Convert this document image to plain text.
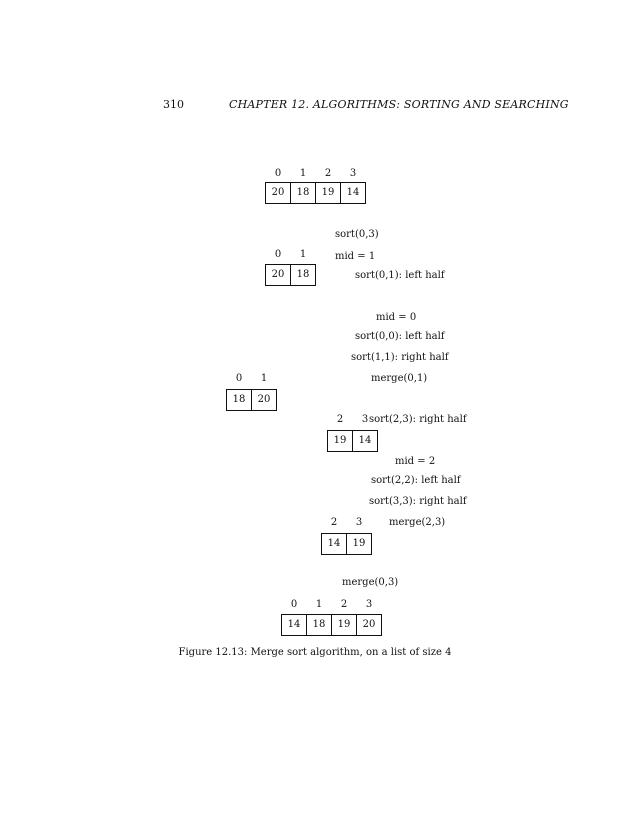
310	CHAPTER 12. ALGORITHMS: SORTING AND SEARCHING
0	1	2	3
20	18	19	14
sort(0,3)
mid = 1
0	1
20	18	sort(0,1): left half
mid = 0
sort(0,0): left half
sort(1,1): right half
merge(0,1)
0	1
18	20
2	3
19	14
sort(2,3): right half
mid = 2
sort(2,2): left half
sort(3,3): right half
merge(2,3)
2	3
14	19
merge(0,3)
0	1	2	3
14	18	19	20
Figure 12.13: Merge sort algorithm, on a list of size 4
